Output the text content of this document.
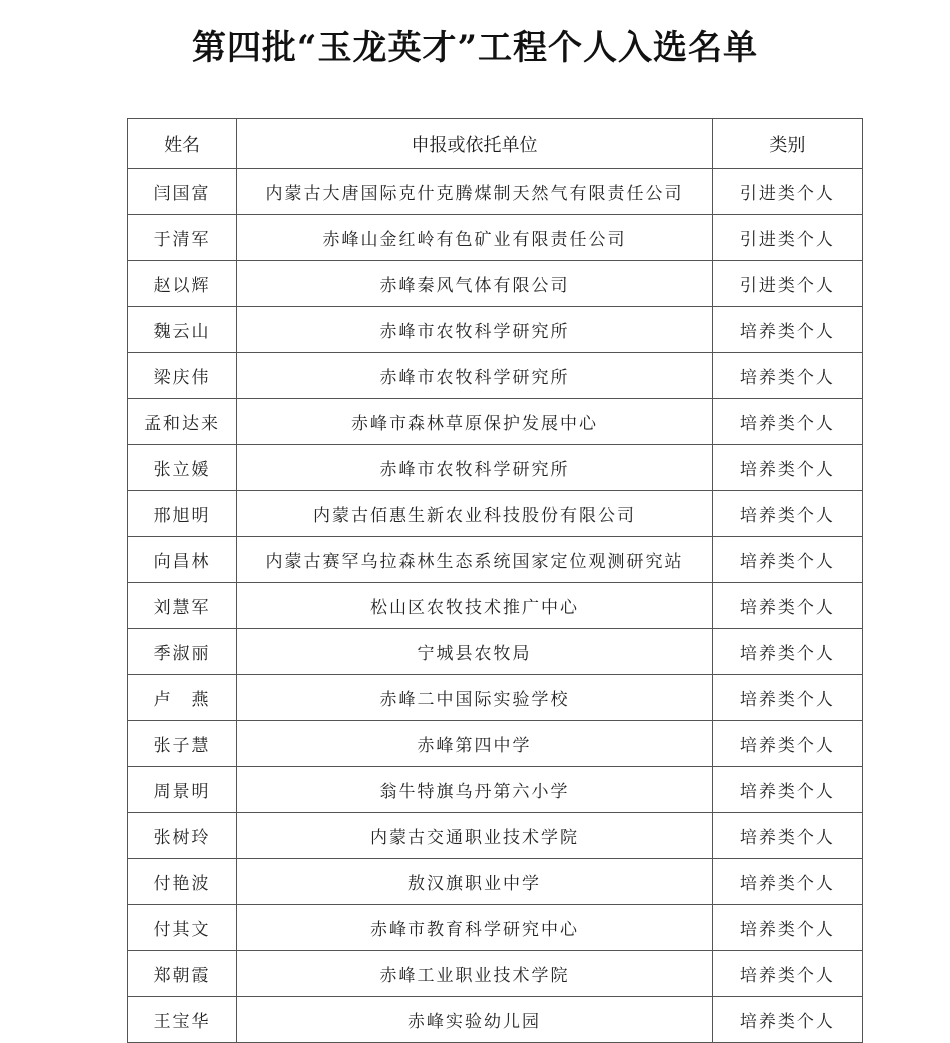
第四批“玉龙英才”工程个人入选名单
姓名	申报或依托单位	类别
闫国富	内蒙古大唐国际克什克腾煤制天然气有限责任公司	引进类个人
于清军	赤峰山金红岭有色矿业有限责任公司	引进类个人
赵以辉	赤峰秦风气体有限公司	引进类个人
魏云山	赤峰市农牧科学研究所	培养类个人
梁庆伟	赤峰市农牧科学研究所	培养类个人
孟和达来	赤峰市森林草原保护发展中心	培养类个人
张立媛	赤峰市农牧科学研究所	培养类个人
邢旭明	内蒙古佰惠生新农业科技股份有限公司	培养类个人
向昌林	内蒙古赛罕乌拉森林生态系统国家定位观测研究站	培养类个人
刘慧军	松山区农牧技术推广中心	培养类个人
季淑丽	宁城县农牧局	培养类个人
卢　燕	赤峰二中国际实验学校	培养类个人
张子慧	赤峰第四中学	培养类个人
周景明	翁牛特旗乌丹第六小学	培养类个人
张树玲	内蒙古交通职业技术学院	培养类个人
付艳波	敖汉旗职业中学	培养类个人
付其文	赤峰市教育科学研究中心	培养类个人
郑朝霞	赤峰工业职业技术学院	培养类个人
王宝华	赤峰实验幼儿园	培养类个人
